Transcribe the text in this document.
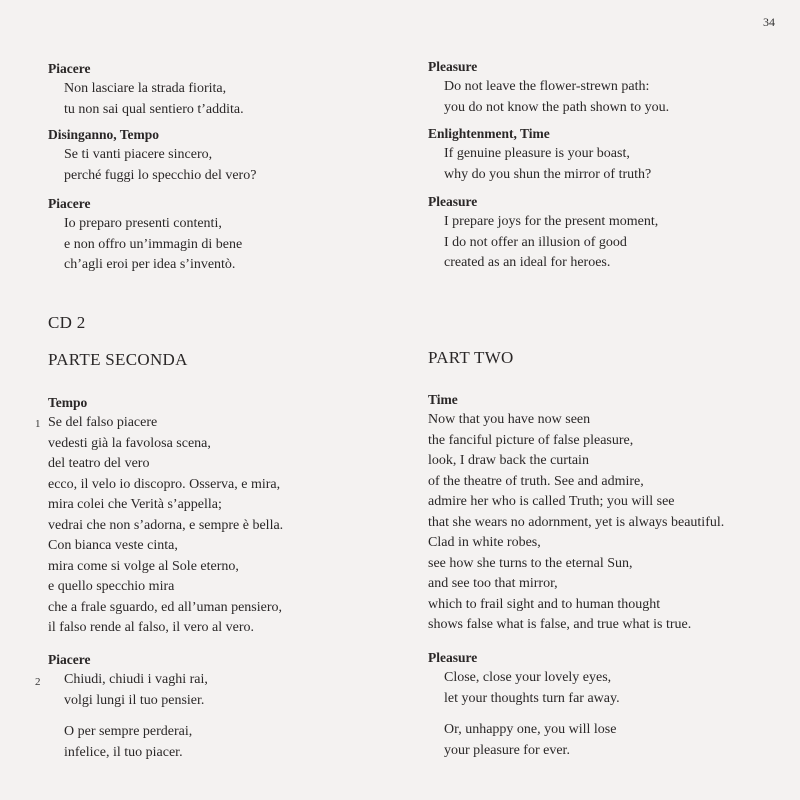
34
Piacere
Non lasciare la strada fiorita,
tu non sai qual sentiero t’addita.
Disinganno, Tempo
Se ti vanti piacere sincero,
perché fuggi lo specchio del vero?
Piacere
Io preparo presenti contenti,
e non offro un’immagin di bene
ch’agli eroi per idea s’inventò.
CD 2
PARTE SECONDA
Tempo
Se del falso piacere
vedesti già la favolosa scena,
del teatro del vero
ecco, il velo io discopro. Osserva, e mira,
mira colei che Verità s’appella;
vedrai che non s’adorna, e sempre è bella.
Con bianca veste cinta,
mira come si volge al Sole eterno,
e quello specchio mira
che a frale sguardo, ed all’uman pensiero,
il falso rende al falso, il vero al vero.
Piacere
Chiudi, chiudi i vaghi rai,
volgi lungi il tuo pensier.
O per sempre perderai,
infelice, il tuo piacer.
1
2
Pleasure
Do not leave the flower-strewn path:
you do not know the path shown to you.
Enlightenment, Time
If genuine pleasure is your boast,
why do you shun the mirror of truth?
Pleasure
I prepare joys for the present moment,
I do not offer an illusion of good
created as an ideal for heroes.
PART TWO
Time
Now that you have now seen
the fanciful picture of false pleasure,
look, I draw back the curtain
of the theatre of truth. See and admire,
admire her who is called Truth; you will see
that she wears no adornment, yet is always beautiful.
Clad in white robes,
see how she turns to the eternal Sun,
and see too that mirror,
which to frail sight and to human thought
shows false what is false, and true what is true.
Pleasure
Close, close your lovely eyes,
let your thoughts turn far away.
Or, unhappy one, you will lose
your pleasure for ever.
